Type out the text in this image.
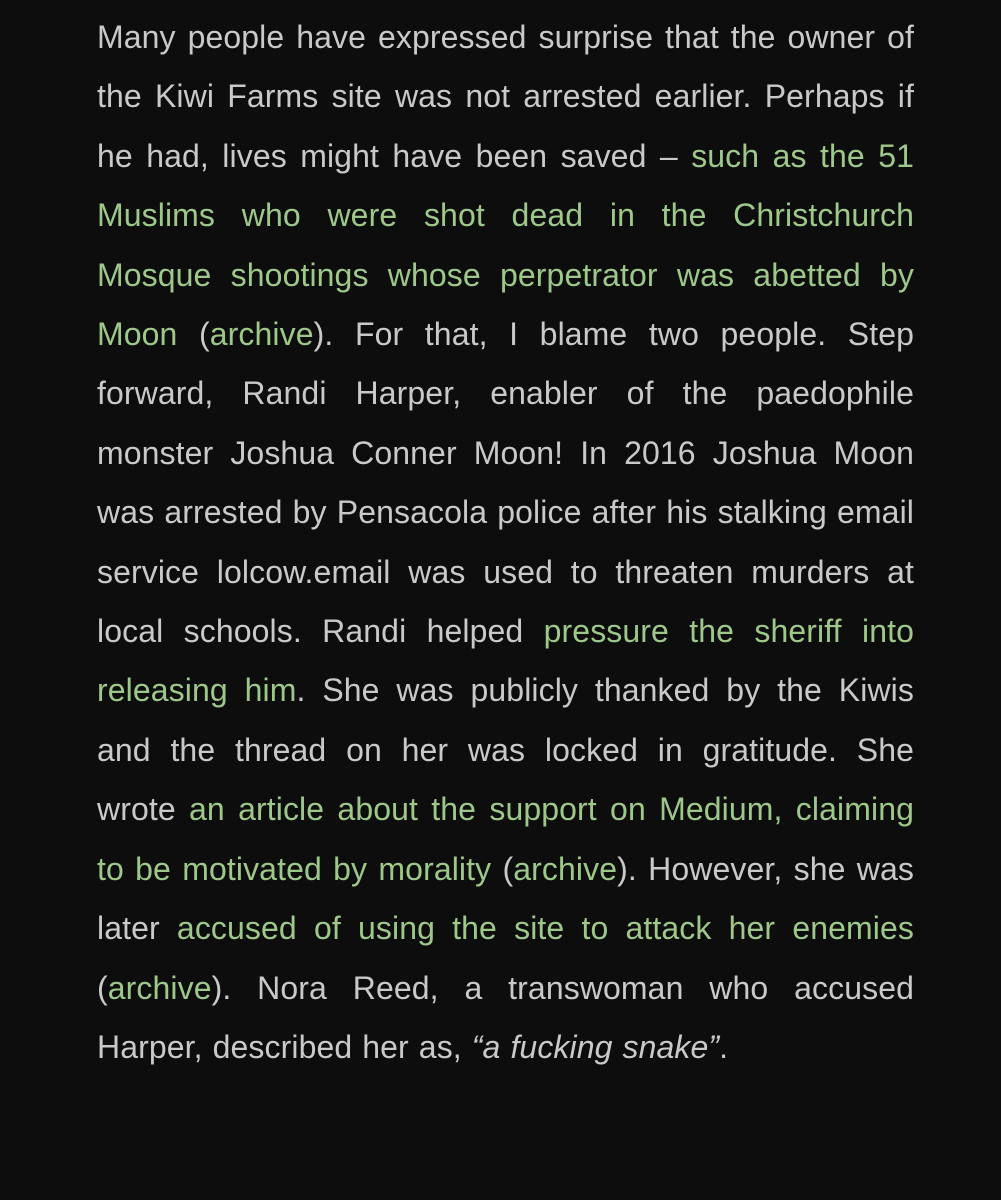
Many people have expressed surprise that the owner of the Kiwi Farms site was not arrested earlier. Perhaps if he had, lives might have been saved – such as the 51 Muslims who were shot dead in the Christchurch Mosque shootings whose perpetrator was abetted by Moon (archive). For that, I blame two people. Step forward, Randi Harper, enabler of the paedophile monster Joshua Conner Moon! In 2016 Joshua Moon was arrested by Pensacola police after his stalking email service lolcow.email was used to threaten murders at local schools. Randi helped pressure the sheriff into releasing him. She was publicly thanked by the Kiwis and the thread on her was locked in gratitude. She wrote an article about the support on Medium, claiming to be motivated by morality (archive). However, she was later accused of using the site to attack her enemies (archive). Nora Reed, a transwoman who accused Harper, described her as, “a fucking snake”.
